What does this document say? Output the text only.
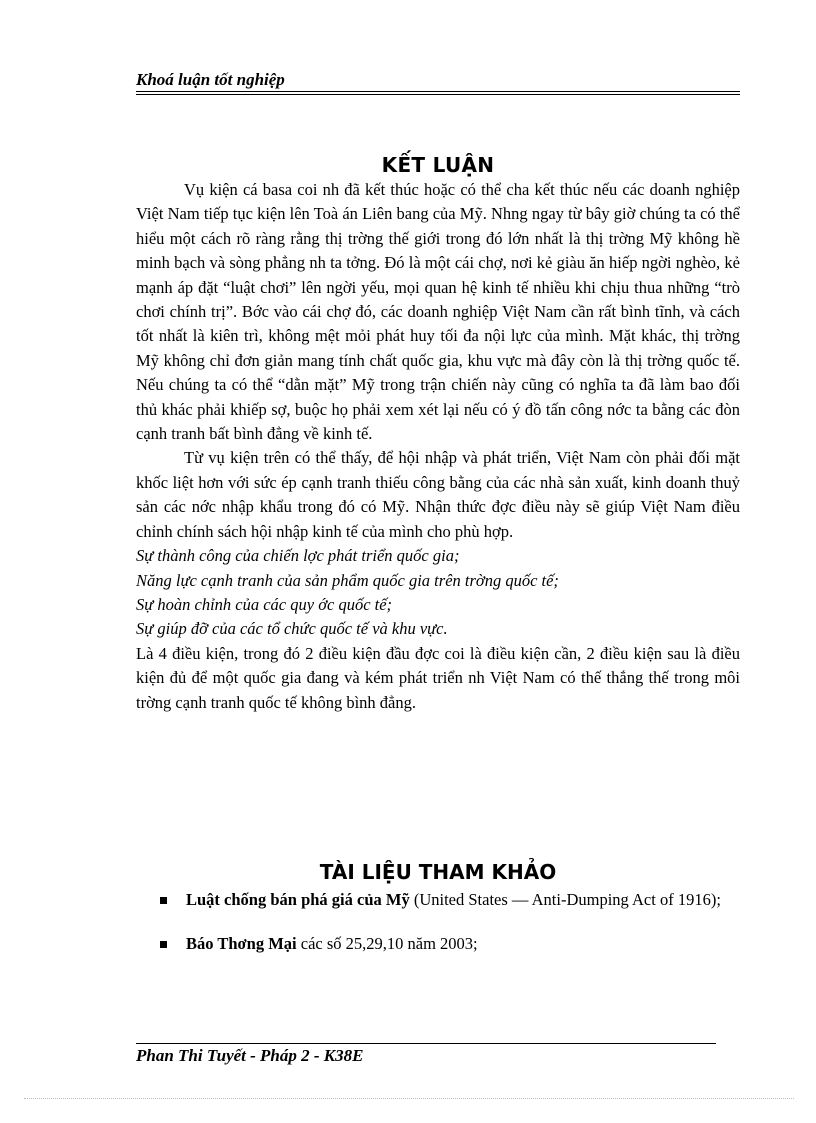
Khoá luận tốt nghiệp
KẾT LUẬN

Vụ kiện cá basa coi nh đã kết thúc hoặc có thể cha kết thúc nếu các doanh nghiệp Việt Nam tiếp tục kiện lên Toà án Liên bang của Mỹ. Nhng ngay từ bây giờ chúng ta có thể hiểu một cách rõ ràng rằng thị trờng thế giới trong đó lớn nhất là thị trờng Mỹ không hề minh bạch và sòng phẳng nh ta tởng. Đó là một cái chợ, nơi kẻ giàu ăn hiếp ngời nghèo, kẻ mạnh áp đặt “luật chơi” lên ngời yếu, mọi quan hệ kinh tế nhiều khi chịu thua những “trò chơi chính trị”. Bớc vào cái chợ đó, các doanh nghiệp Việt Nam cần rất bình tĩnh, và cách tốt nhất là kiên trì, không mệt mỏi phát huy tối đa nội lực của mình. Mặt khác, thị trờng Mỹ không chỉ đơn giản mang tính chất quốc gia, khu vực mà đây còn là thị trờng quốc tế. Nếu chúng ta có thể “dằn mặt” Mỹ trong trận chiến này cũng có nghĩa ta đã làm bao đối thủ khác phải khiếp sợ, buộc họ phải xem xét lại nếu có ý đồ tấn công nớc ta bằng các đòn cạnh tranh bất bình đẳng về kinh tế.

Từ vụ kiện trên có thể thấy, để hội nhập và phát triển, Việt Nam còn phải đối mặt khốc liệt hơn với sức ép cạnh tranh thiếu công bằng của các nhà sản xuất, kinh doanh thuỷ sản các nớc nhập khẩu trong đó có Mỹ. Nhận thức đợc điều này sẽ giúp Việt Nam điều chỉnh chính sách hội nhập kinh tế của mình cho phù hợp.

Sự thành công của chiến lợc phát triển quốc gia;

Năng lực cạnh tranh của sản phẩm quốc gia trên trờng quốc tế;

Sự hoàn chỉnh của các quy ớc quốc tế;

Sự giúp đỡ của các tổ chức quốc tế và khu vực.

Là 4 điều kiện, trong đó 2 điều kiện đầu đợc coi là điều kiện cần, 2 điều kiện sau là điều kiện đủ để một quốc gia đang và kém phát triển nh Việt Nam có thế thắng thế trong môi trờng cạnh tranh quốc tế không bình đẳng.

TÀI LIỆU THAM KHẢO
Luật chống bán phá giá của Mỹ (United States — Anti-Dumping Act of 1916);
Báo Thơng Mại các số 25,29,10 năm 2003;
Phan Thi Tuyết - Pháp 2 - K38E
